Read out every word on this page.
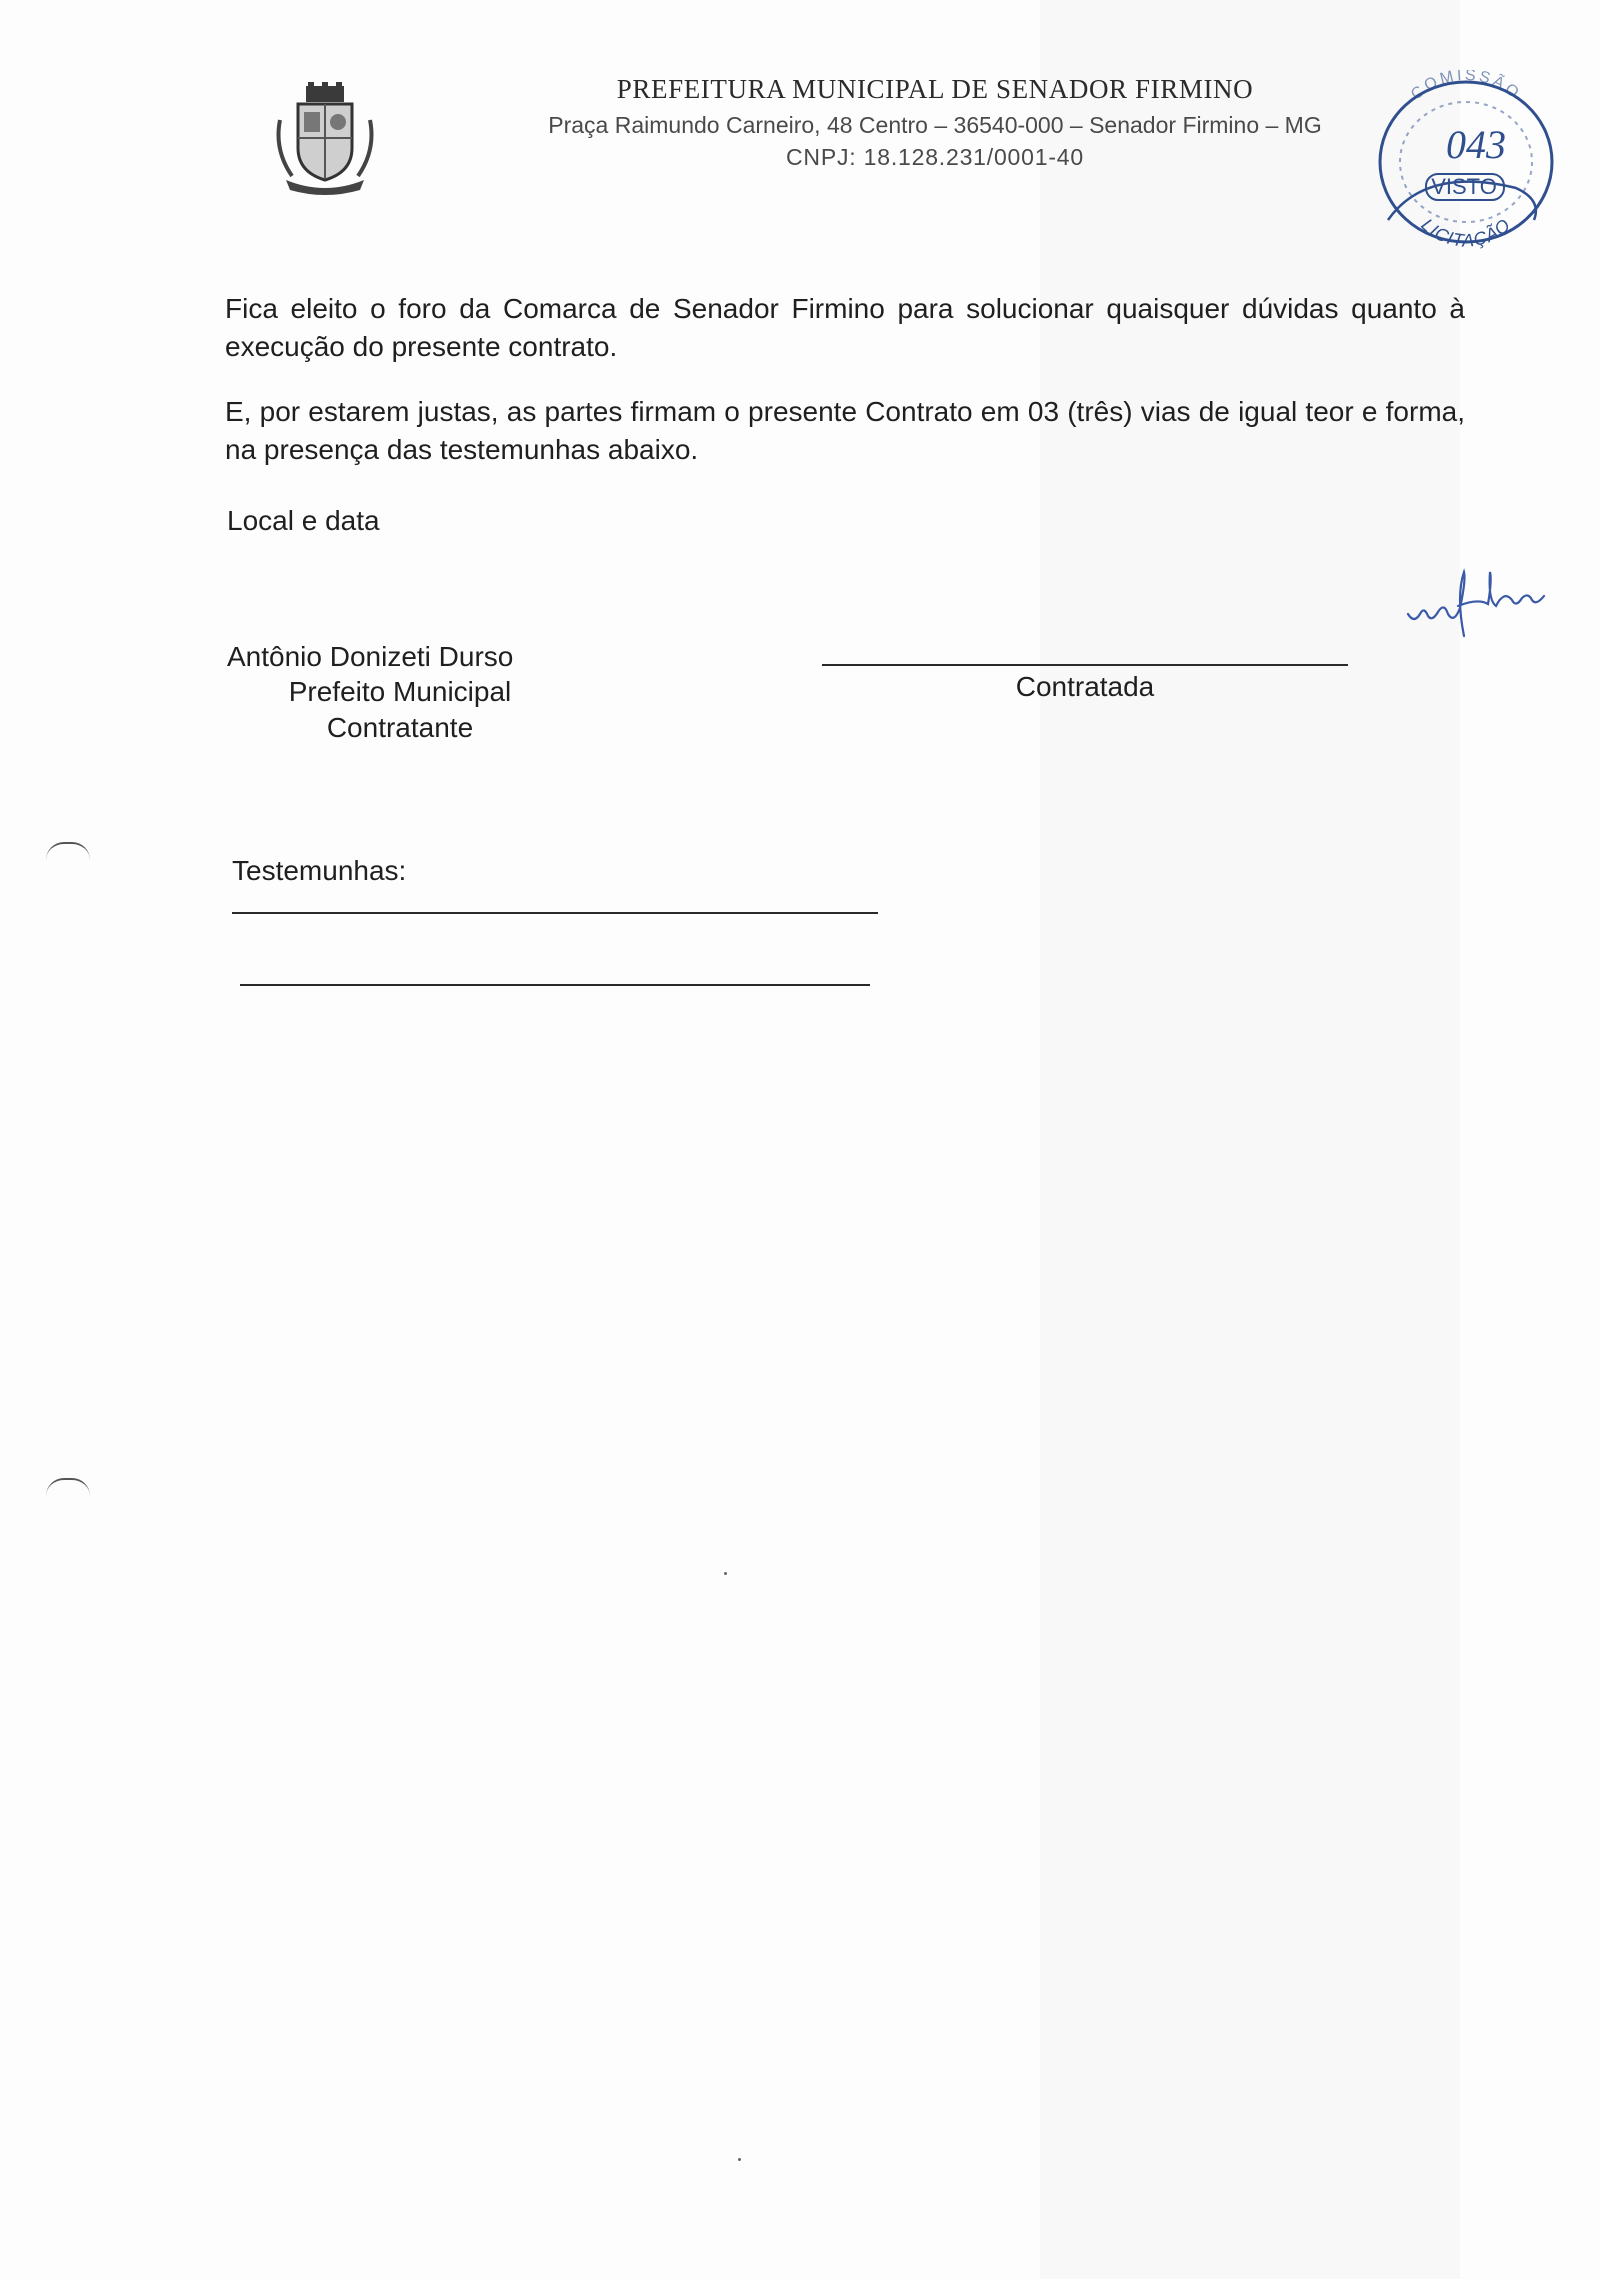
PREFEITURA MUNICIPAL DE SENADOR FIRMINO
Praça Raimundo Carneiro, 48 Centro – 36540-000 – Senador Firmino – MG
CNPJ: 18.128.231/0001-40
COMISSÃO
043
VISTO
LICITAÇÃO
Fica eleito o foro da Comarca de Senador Firmino para solucionar quaisquer dúvidas quanto à execução do presente contrato.
E, por estarem justas, as partes firmam o presente Contrato em 03 (três) vias de igual teor e forma, na presença das testemunhas abaixo.
Local e data
Antônio Donizeti Durso
Prefeito Municipal
Contratante
Contratada
Testemunhas:
